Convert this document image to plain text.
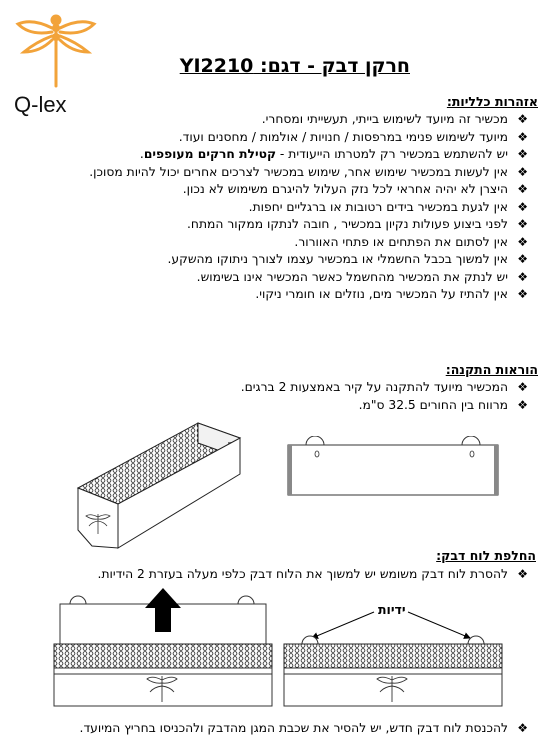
Q-lex
חרקן דבק - דגם: YI2210
אזהרות כלליות:
❖
מכשיר זה מיועד לשימוש בייתי, תעשייתי ומסחרי.
❖
מיועד לשימוש פנימי במרפסות / חנויות / אולמות / מחסנים ועוד.
❖
יש להשתמש במכשיר רק למטרתו הייעודית - קטילת חרקים מעופפים.
❖
אין לעשות במכשיר שימוש אחר, שימוש במכשיר לצרכים אחרים יכול להיות מסוכן.
❖
היצרן לא יהיה אחראי לכל נזק העלול להיגרם משימוש לא נכון.
❖
אין לגעת במכשיר בידים רטובות או ברגליים יחפות.
❖
לפני ביצוע פעולות נקיון במכשיר , חובה לנתקו ממקור המתח.
❖
אין לסתום את הפתחים או פתחי האוורור.
❖
אין למשוך בכבל החשמלי או במכשיר עצמו לצורך ניתוקו מהשקע.
❖
יש לנתק את המכשיר מהחשמל כאשר המכשיר אינו בשימוש.
❖
אין להתיז על המכשיר מים, נוזלים או חומרי ניקוי.
הוראות התקנה:
❖
המכשיר מיועד להתקנה על קיר באמצעות 2 ברגים.
❖
מרווח בין החורים 32.5 ס"מ.
החלפת לוח דבק:
❖
להסרת לוח דבק משומש יש למשוך את הלוח דבק כלפי מעלה בעזרת 2 הידיות.
ידיות
❖
להכנסת לוח דבק חדש, יש להסיר את שכבת המגן מהדבק ולהכניסו בחריץ המיועד.
